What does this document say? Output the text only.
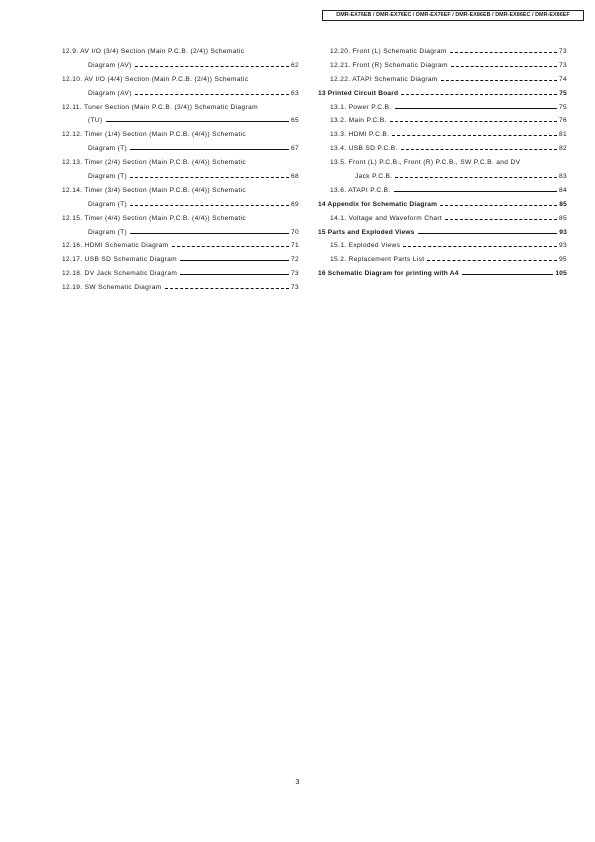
DMR-EX76EB / DMR-EX76EC / DMR-EX76EF / DMR-EX86EB / DMR-EX86EC / DMR-EX86EF
12.9. AV I/O (3/4) Section (Main P.C.B. (2/4)) Schematic
Diagram (AV)	62
12.10. AV I/O (4/4) Section (Main P.C.B. (2/4)) Schematic
Diagram (AV)	63
12.11. Tuner Section (Main P.C.B. (3/4)) Schematic Diagram
(TU)	65
12.12. Timer (1/4) Section (Main P.C.B. (4/4)) Schematic
Diagram (T)	67
12.13. Timer (2/4) Section (Main P.C.B. (4/4)) Schematic
Diagram (T)	68
12.14. Timer (3/4) Section (Main P.C.B. (4/4)) Schematic
Diagram (T)	69
12.15. Timer (4/4) Section (Main P.C.B. (4/4)) Schematic
Diagram (T)	70
12.16. HDMI Schematic Diagram	71
12.17. USB SD Schematic Diagram	72
12.18. DV Jack Schematic Diagram	73
12.19. SW Schematic Diagram	73
12.20. Front (L) Schematic Diagram	73
12.21. Front (R) Schematic Diagram	73
12.22. ATAPI Schematic Diagram	74
13 Printed Circuit Board	75
13.1. Power P.C.B.	75
13.2. Main P.C.B.	76
13.3. HDMI P.C.B.	81
13.4. USB SD P.C.B.	82
13.5. Front (L) P.C.B., Front (R) P.C.B., SW P.C.B. and DV
Jack P.C.B.	83
13.6. ATAPI P.C.B.	84
14 Appendix for Schematic Diagram	85
14.1. Voltage and Waveform Chart	85
15 Parts and Exploded Views	93
15.1. Exploded Views	93
15.2. Replacement Parts List	95
16 Schematic Diagram for printing with A4	105
3
